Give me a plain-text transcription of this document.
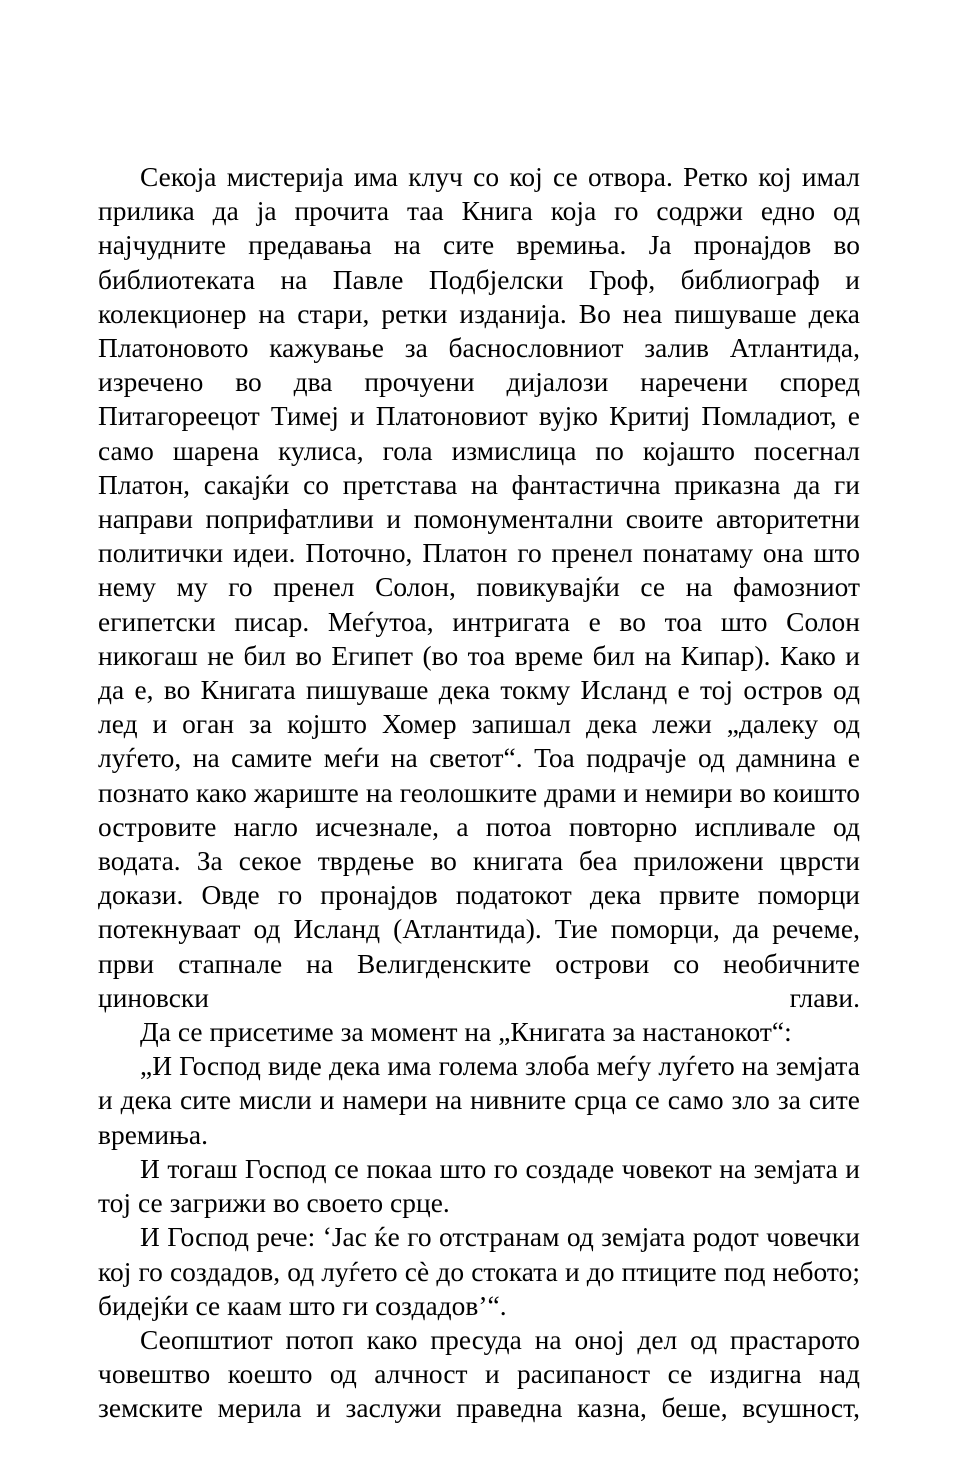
Секоја мистерија има клуч со кој се отвора. Ретко кој имал прилика да ја прочита таа Книга која го содржи едно од најчудните предавања на сите времиња. Ја пронајдов во библиотеката на Павле Подбјелски Гроф, библиограф и колекционер на стари, ретки изданија. Во неа пишуваше дека Платоновото кажување за баснословниот залив Атлантида, изречено во два прочуени дијалози наречени според Питагорeецот Тимеј и Платоновиот вујко Критиј Помладиот, е само шарена кулиса, гола измислица по којашто посегнал Платон, сакајќи со претстава на фантастична приказна да ги направи поприфатливи и помонументални своите авторитетни политички идеи. Поточно, Платон го пренел понатаму она што нему му го пренел Солон, повикувајќи се на фамозниот египетски писар. Меѓутоа, интригата е во тоа што Солон никогаш не бил во Египет (во тоа време бил на Кипар). Како и да е, во Книгата пишуваше дека токму Исланд е тој остров од лед и оган за којшто Хомер запишал дека лежи „далеку од луѓето, на самите меѓи на светот“. Тоа подрачје од дамнина е познато како жариште на геолошките драми и немири во коишто островите нагло исчезнале, а потоа повторно испливале од водата. За секое тврдење во книгата беа приложени цврсти докази. Овде го пронајдов податокот дека првите поморци потекнуваат од Исланд (Атлантида). Тие поморци, да речеме, први стапнале на Велигденските острови со необичните џиновски глави.

Да се присетиме за момент на „Книгата за настанокот“:

„И Господ виде дека има голема злоба меѓу луѓето на земјата и дека сите мисли и намери на нивните срца се само зло за сите времиња.

И тогаш Господ се покаа што го создаде човекот на земјата и тој се загрижи во своето срце.

И Господ рече: ‘Јас ќе го отстранам од земјата родот човечки кој го создадов, од луѓето сѐ до стоката и до птиците под небото; бидејќи се каам што ги создадов’“.

Сеопштиот потоп како пресуда на оној дел од прастарото човештво коешто од алчност и расипаност се издигна над земските мерила и заслужи праведна казна, беше, всушност,
